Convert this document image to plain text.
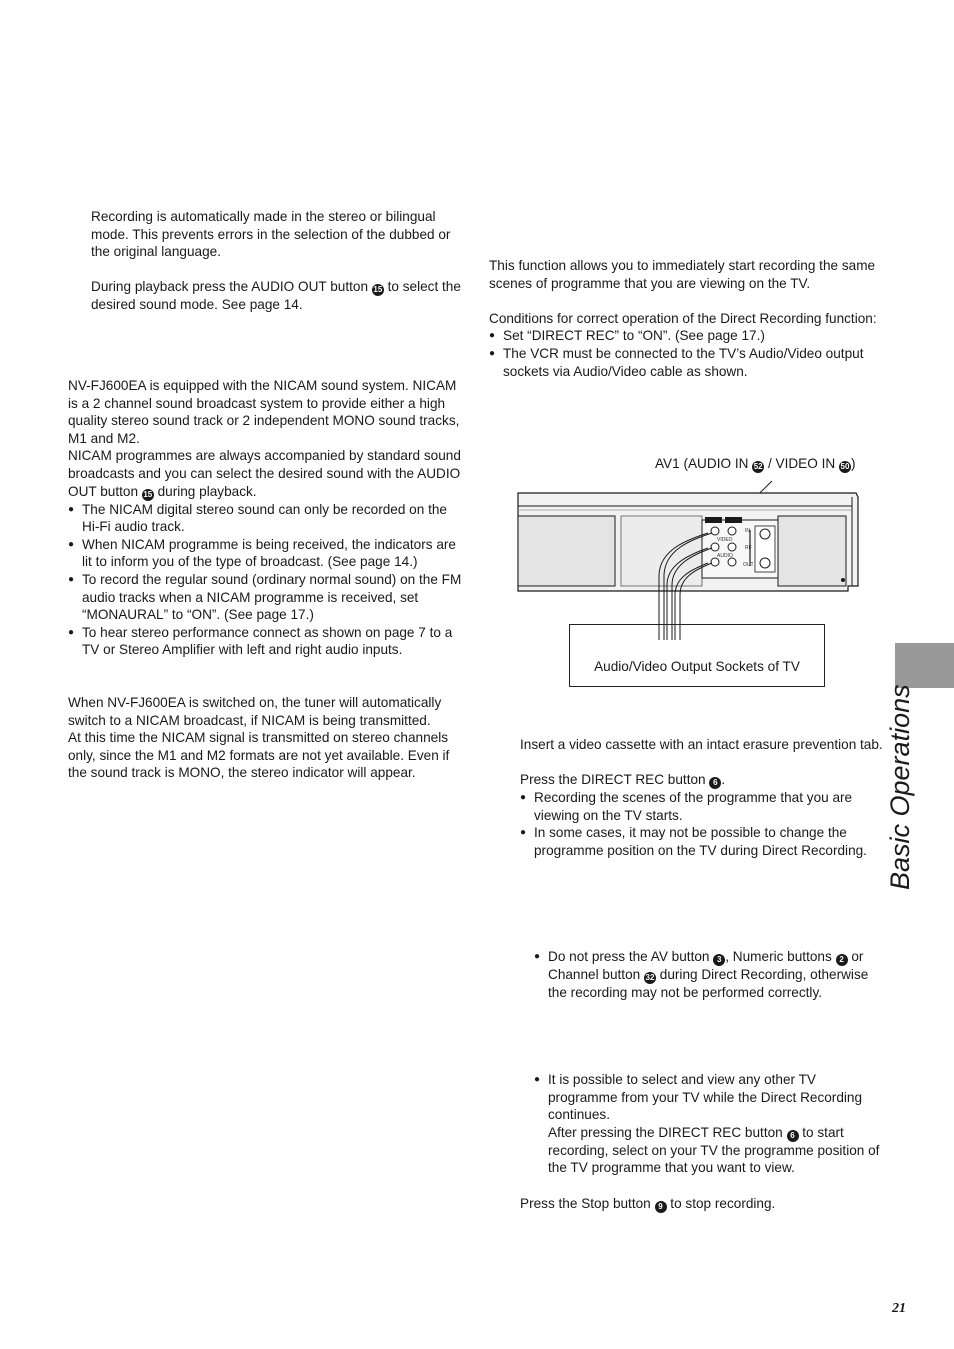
Recording is automatically made in the stereo or bilingual mode. This prevents errors in the selection of the dubbed or the original language.

During playback press the AUDIO OUT button 15 to select the desired sound mode. See page 14.

NV-FJ600EA is equipped with the NICAM sound system. NICAM is a 2 channel sound broadcast system to provide either a high quality stereo sound track or 2 independent MONO sound tracks, M1 and M2.

NICAM programmes are always accompanied by standard sound broadcasts and you can select the desired sound with the AUDIO OUT button 15 during playback.

● The NICAM digital stereo sound can only be recorded on the Hi-Fi audio track.
● When NICAM programme is being received, the indicators are lit to inform you of the type of broadcast. (See page 14.)
● To record the regular sound (ordinary normal sound) on the FM audio tracks when a NICAM programme is received, set “MONAURAL” to “ON”. (See page 17.)
● To hear stereo performance connect as shown on page 7 to a TV or Stereo Amplifier with left and right audio inputs.

When NV-FJ600EA is switched on, the tuner will automatically switch to a NICAM broadcast, if NICAM is being transmitted.

At this time the NICAM signal is transmitted on stereo channels only, since the M1 and M2 formats are not yet available. Even if the sound track is MONO, the stereo indicator will appear.

This function allows you to immediately start recording the same scenes of programme that you are viewing on the TV.

Conditions for correct operation of the Direct Recording function:

● Set “DIRECT REC” to “ON”. (See page 17.)
● The VCR must be connected to the TV’s Audio/Video output sockets via Audio/Video cable as shown.
AV1 (AUDIO IN 52 / VIDEO IN 50 )
VIDEO
AUDIO
IN
RF
OUT
Audio/Video Output Sockets of TV

Insert a video cassette with an intact erasure prevention tab.

Press the DIRECT REC button 6 .

● Recording the scenes of the programme that you are viewing on the TV starts.
● In some cases, it may not be possible to change the programme position on the TV during Direct Recording.
● Do not press the AV button 3 , Numeric buttons 2 or Channel button 32 during Direct Recording, otherwise the recording may not be performed correctly.
● It is possible to select and view any other TV programme from your TV while the Direct Recording continues.
After pressing the DIRECT REC button 6 to start recording, select on your TV the programme position of the TV programme that you want to view.

Press the Stop button 9 to stop recording.

Basic Operations
21
